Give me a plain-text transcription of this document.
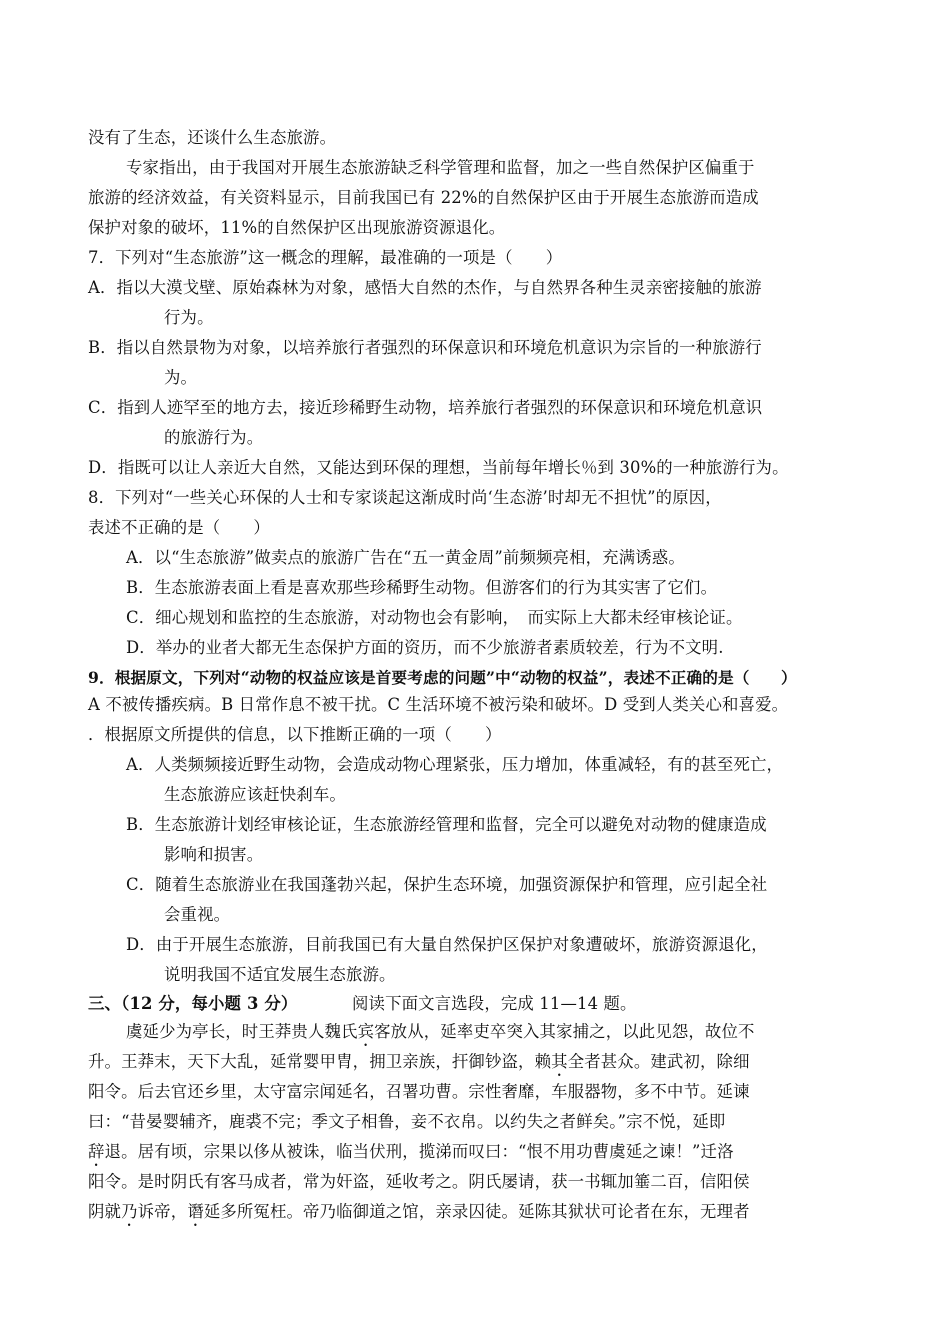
没有了生态，还谈什么生态旅游。
专家指出，由于我国对开展生态旅游缺乏科学管理和监督，加之一些自然保护区偏重于
旅游的经济效益，有关资料显示，目前我国已有 22%的自然保护区由于开展生态旅游而造成
保护对象的破坏，11%的自然保护区出现旅游资源退化。
7．下列对“生态旅游”这一概念的理解，最准确的一项是（　　）
A．指以大漠戈壁、原始森林为对象，感悟大自然的杰作，与自然界各种生灵亲密接触的旅游
行为。
B．指以自然景物为对象，以培养旅行者强烈的环保意识和环境危机意识为宗旨的一种旅游行
为。
C．指到人迹罕至的地方去，接近珍稀野生动物，培养旅行者强烈的环保意识和环境危机意识
的旅游行为。
D．指既可以让人亲近大自然，又能达到环保的理想，当前每年增长％到 30%的一种旅游行为。
8．下列对“一些关心环保的人士和专家谈起这渐成时尚‘生态游’时却无不担忧”的原因，
表述不正确的是（　　）
A．以“生态旅游”做卖点的旅游广告在“五一黄金周”前频频亮相，充满诱惑。
B．生态旅游表面上看是喜欢那些珍稀野生动物。但游客们的行为其实害了它们。
C．细心规划和监控的生态旅游，对动物也会有影响，　而实际上大都未经审核论证。
D．举办的业者大都无生态保护方面的资历，而不少旅游者素质较差，行为不文明.
9．根据原文，下列对“动物的权益应该是首要考虑的问题”中“动物的权益”，表述不正确的是（　　）
A 不被传播疾病。B 日常作息不被干扰。C 生活环境不被污染和破坏。D 受到人类关心和喜爱。
．根据原文所提供的信息，以下推断正确的一项（　　）
A．人类频频接近野生动物，会造成动物心理紧张，压力增加，体重减轻，有的甚至死亡，
生态旅游应该赶快刹车。
B．生态旅游计划经审核论证，生态旅游经管理和监督，完全可以避免对动物的健康造成
影响和损害。
C．随着生态旅游业在我国蓬勃兴起，保护生态环境，加强资源保护和管理，应引起全社
会重视。
D．由于开展生态旅游，目前我国已有大量自然保护区保护对象遭破坏，旅游资源退化，
说明我国不适宜发展生态旅游。
三、（12 分，每小题 3 分）	阅读下面文言选段，完成 11—14 题。
虞延少为亭长，时王莽贵人魏氏宾客放从，延率吏卒突入其家捕之，以此见怨，故位不
升。王莽末，天下大乱，延常婴甲胄，拥卫亲族，扞御钞盗，赖其全者甚众。建武初，除细
阳令。后去官还乡里，太守富宗闻延名，召署功曹。宗性奢靡，车服器物，多不中节。延谏
曰：“昔晏婴辅齐，鹿裘不完；季文子相鲁，妾不衣帛。以约失之者鲜矣。”宗不悦，延即
辞退。居有顷，宗果以侈从被诛，临当伏刑，揽涕而叹曰：“恨不用功曹虞延之谏！”迁洛
阳令。是时阴氏有客马成者，常为奸盗，延收考之。阴氏屡请，获一书辄加箠二百，信阳侯
阴就乃诉帝，谮延多所冤枉。帝乃临御道之馆，亲录囚徒。延陈其狱状可论者在东，无理者
